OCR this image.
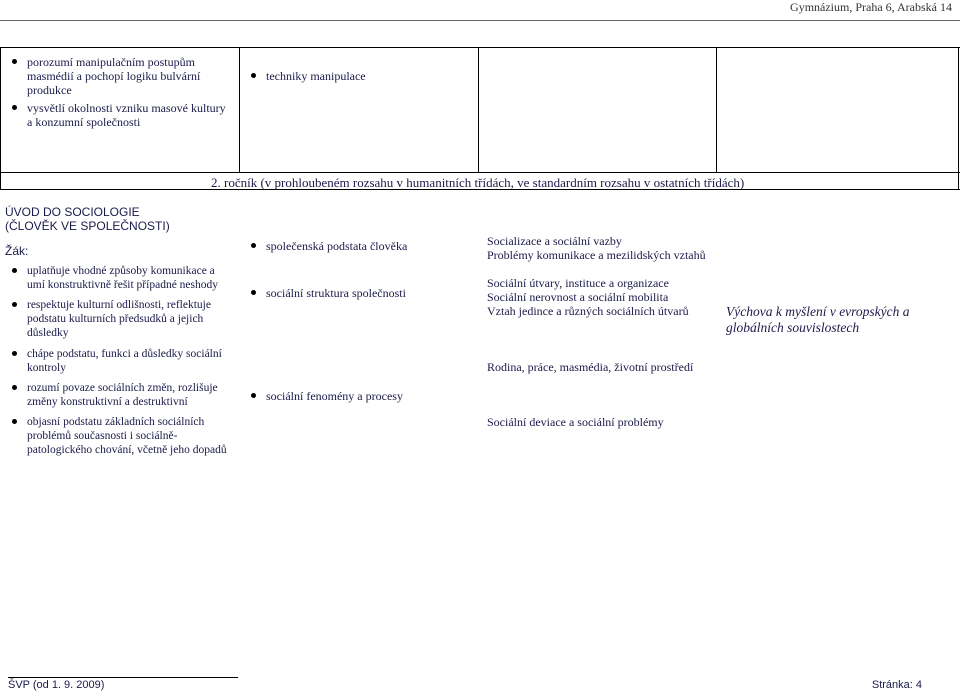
Gymnázium, Praha 6, Arabská 14
porozumí manipulačním postupům masmédií a pochopí logiku bulvární produkce
vysvětlí okolnosti vzniku masové kultury a konzumní společnosti
techniky manipulace
2. ročník (v prohloubeném rozsahu v humanitních třídách, ve standardním rozsahu v ostatních třídách)
ÚVOD DO SOCIOLOGIE
(ČLOVĚK VE SPOLEČNOSTI)
Žák:
uplatňuje vhodné způsoby komunikace a umí konstruktivně řešit případné neshody
respektuje kulturní odlišnosti, reflektuje podstatu kulturních předsudků a jejich důsledky
chápe podstatu, funkci a důsledky sociální kontroly
rozumí povaze sociálních změn, rozlišuje změny konstruktivní a destruktivní
objasní podstatu základních sociálních problémů současnosti i sociálně-patologického chování, včetně jeho dopadů
společenská podstata člověka
sociální struktura společnosti
sociální fenomény a procesy
Socializace a sociální vazby
Problémy komunikace a mezilidských vztahů
Sociální útvary, instituce a organizace
Sociální nerovnost a sociální mobilita
Vztah jedince a různých sociálních útvarů
Rodina, práce, masmédia, životní prostředí
Sociální deviace a sociální problémy
Výchova k myšlení v evropských a globálních souvislostech
ŠVP (od 1. 9. 2009)	Stránka: 4
